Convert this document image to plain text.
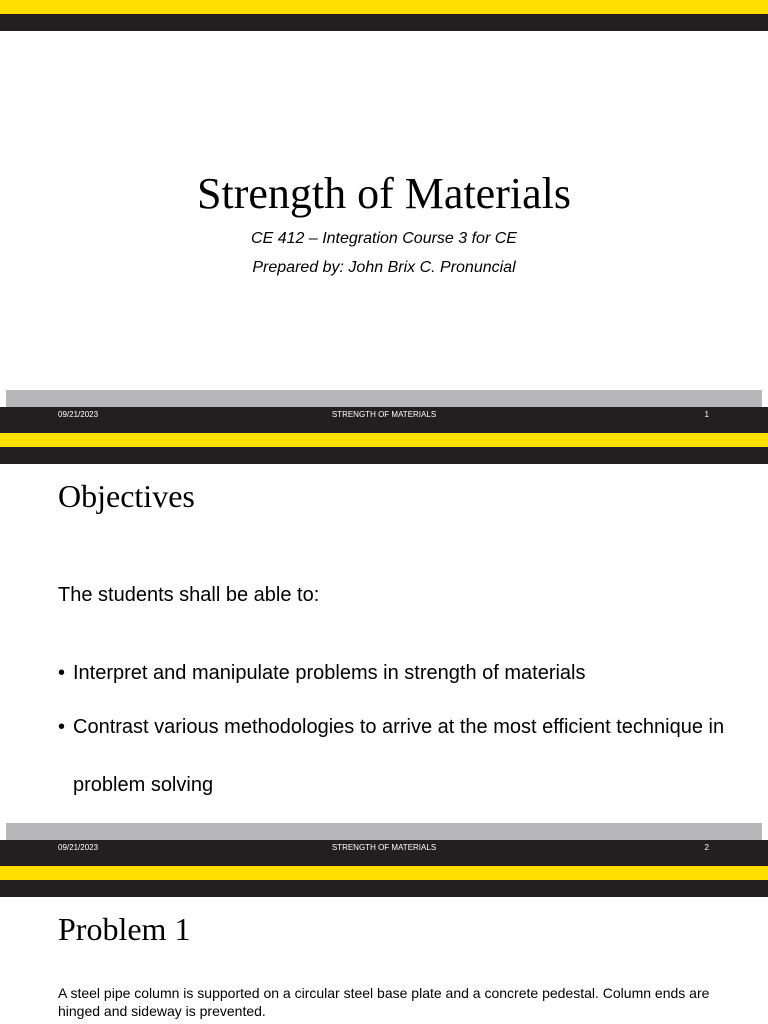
Strength of Materials
CE 412 – Integration Course 3 for CE
Prepared by: John Brix C. Pronuncial
09/21/2023	STRENGTH OF MATERIALS	1
Objectives
The students shall be able to:
• Interpret and manipulate problems in strength of materials
• Contrast various methodologies to arrive at the most efficient technique in problem solving
09/21/2023	STRENGTH OF MATERIALS	2
Problem 1
A steel pipe column is supported on a circular steel base plate and a concrete pedestal. Column ends are hinged and sideway is prevented.
